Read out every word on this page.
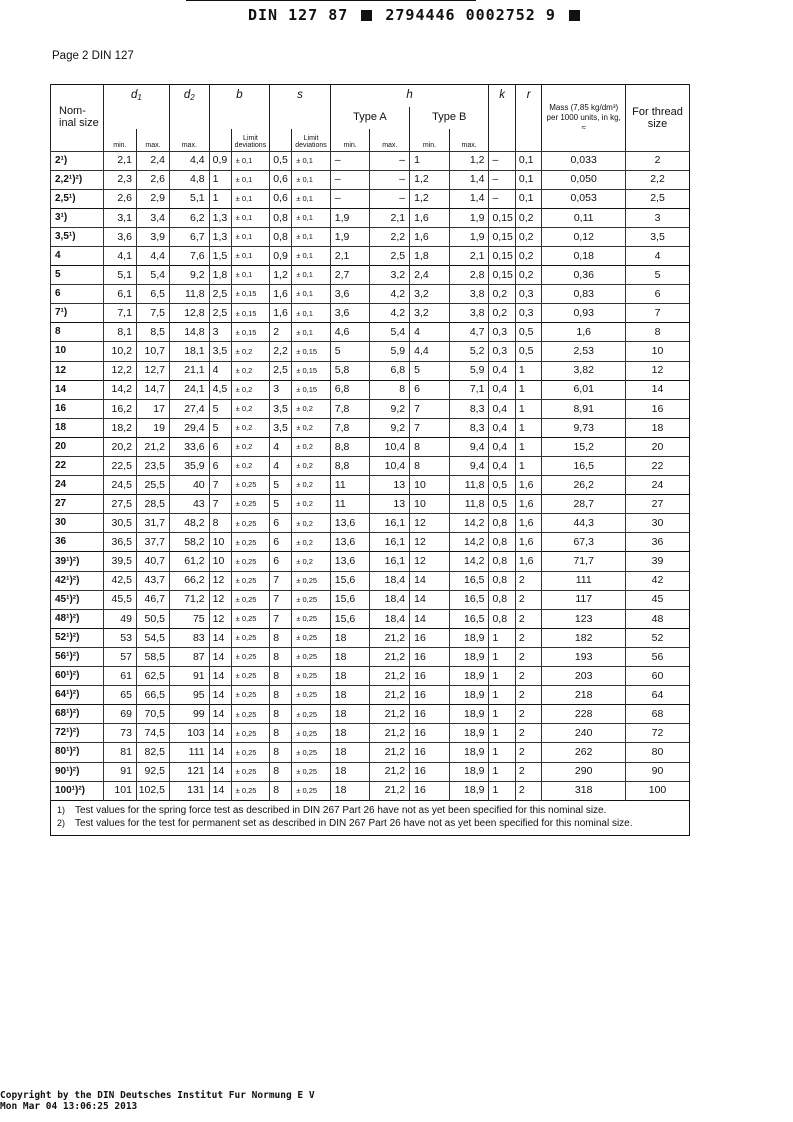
DIN 127 87 2794446 0002752 9
Page 2 DIN 127
Nom- inal size	$d_1$		$d_2$	b		s		h				k	r	Mass (7,85 kg/dm³) per 1000 units, in kg, ≈	For thread size
								Type A		Type B					
	min.	max.	max.		Limit deviations		Limit deviations	min.	max.	min.	max.				
2¹)	2,1	2,4	4,4	0,9	± 0,1	0,5	± 0,1	–	–	1	1,2	–	0,1	0,033	2
2,2¹)²)	2,3	2,6	4,8	1	± 0,1	0,6	± 0,1	–	–	1,2	1,4	–	0,1	0,050	2,2
2,5¹)	2,6	2,9	5,1	1	± 0,1	0,6	± 0,1	–	–	1,2	1,4	–	0,1	0,053	2,5
3¹)	3,1	3,4	6,2	1,3	± 0,1	0,8	± 0,1	1,9	2,1	1,6	1,9	0,15	0,2	0,11	3
3,5¹)	3,6	3,9	6,7	1,3	± 0,1	0,8	± 0,1	1,9	2,2	1,6	1,9	0,15	0,2	0,12	3,5
4	4,1	4,4	7,6	1,5	± 0,1	0,9	± 0,1	2,1	2,5	1,8	2,1	0,15	0,2	0,18	4
5	5,1	5,4	9,2	1,8	± 0,1	1,2	± 0,1	2,7	3,2	2,4	2,8	0,15	0,2	0,36	5
6	6,1	6,5	11,8	2,5	± 0,15	1,6	± 0,1	3,6	4,2	3,2	3,8	0,2	0,3	0,83	6
7¹)	7,1	7,5	12,8	2,5	± 0,15	1,6	± 0,1	3,6	4,2	3,2	3,8	0,2	0,3	0,93	7
8	8,1	8,5	14,8	3	± 0,15	2	± 0,1	4,6	5,4	4	4,7	0,3	0,5	1,6	8
10	10,2	10,7	18,1	3,5	± 0,2	2,2	± 0,15	5	5,9	4,4	5,2	0,3	0,5	2,53	10
12	12,2	12,7	21,1	4	± 0,2	2,5	± 0,15	5,8	6,8	5	5,9	0,4	1	3,82	12
14	14,2	14,7	24,1	4,5	± 0,2	3	± 0,15	6,8	8	6	7,1	0,4	1	6,01	14
16	16,2	17	27,4	5	± 0,2	3,5	± 0,2	7,8	9,2	7	8,3	0,4	1	8,91	16
18	18,2	19	29,4	5	± 0,2	3,5	± 0,2	7,8	9,2	7	8,3	0,4	1	9,73	18
20	20,2	21,2	33,6	6	± 0,2	4	± 0,2	8,8	10,4	8	9,4	0,4	1	15,2	20
22	22,5	23,5	35,9	6	± 0,2	4	± 0,2	8,8	10,4	8	9,4	0,4	1	16,5	22
24	24,5	25,5	40	7	± 0,25	5	± 0,2	11	13	10	11,8	0,5	1,6	26,2	24
27	27,5	28,5	43	7	± 0,25	5	± 0,2	11	13	10	11,8	0,5	1,6	28,7	27
30	30,5	31,7	48,2	8	± 0,25	6	± 0,2	13,6	16,1	12	14,2	0,8	1,6	44,3	30
36	36,5	37,7	58,2	10	± 0,25	6	± 0,2	13,6	16,1	12	14,2	0,8	1,6	67,3	36
39¹)²)	39,5	40,7	61,2	10	± 0,25	6	± 0,2	13,6	16,1	12	14,2	0,8	1,6	71,7	39
42¹)²)	42,5	43,7	66,2	12	± 0,25	7	± 0,25	15,6	18,4	14	16,5	0,8	2	111	42
45¹)²)	45,5	46,7	71,2	12	± 0,25	7	± 0,25	15,6	18,4	14	16,5	0,8	2	117	45
48¹)²)	49	50,5	75	12	± 0,25	7	± 0,25	15,6	18,4	14	16,5	0,8	2	123	48
52¹)²)	53	54,5	83	14	± 0,25	8	± 0,25	18	21,2	16	18,9	1	2	182	52
56¹)²)	57	58,5	87	14	± 0,25	8	± 0,25	18	21,2	16	18,9	1	2	193	56
60¹)²)	61	62,5	91	14	± 0,25	8	± 0,25	18	21,2	16	18,9	1	2	203	60
64¹)²)	65	66,5	95	14	± 0,25	8	± 0,25	18	21,2	16	18,9	1	2	218	64
68¹)²)	69	70,5	99	14	± 0,25	8	± 0,25	18	21,2	16	18,9	1	2	228	68
72¹)²)	73	74,5	103	14	± 0,25	8	± 0,25	18	21,2	16	18,9	1	2	240	72
80¹)²)	81	82,5	111	14	± 0,25	8	± 0,25	18	21,2	16	18,9	1	2	262	80
90¹)²)	91	92,5	121	14	± 0,25	8	± 0,25	18	21,2	16	18,9	1	2	290	90
100¹)²)	101	102,5	131	14	± 0,25	8	± 0,25	18	21,2	16	18,9	1	2	318	100

1) Test values for the spring force test as described in DIN 267 Part 26 have not as yet been specified for this nominal size.
2) Test values for the test for permanent set as described in DIN 267 Part 26 have not as yet been specified for this nominal size.															
Copyright by the DIN Deutsches Institut Fur Normung E V
Mon Mar 04 13:06:25 2013
